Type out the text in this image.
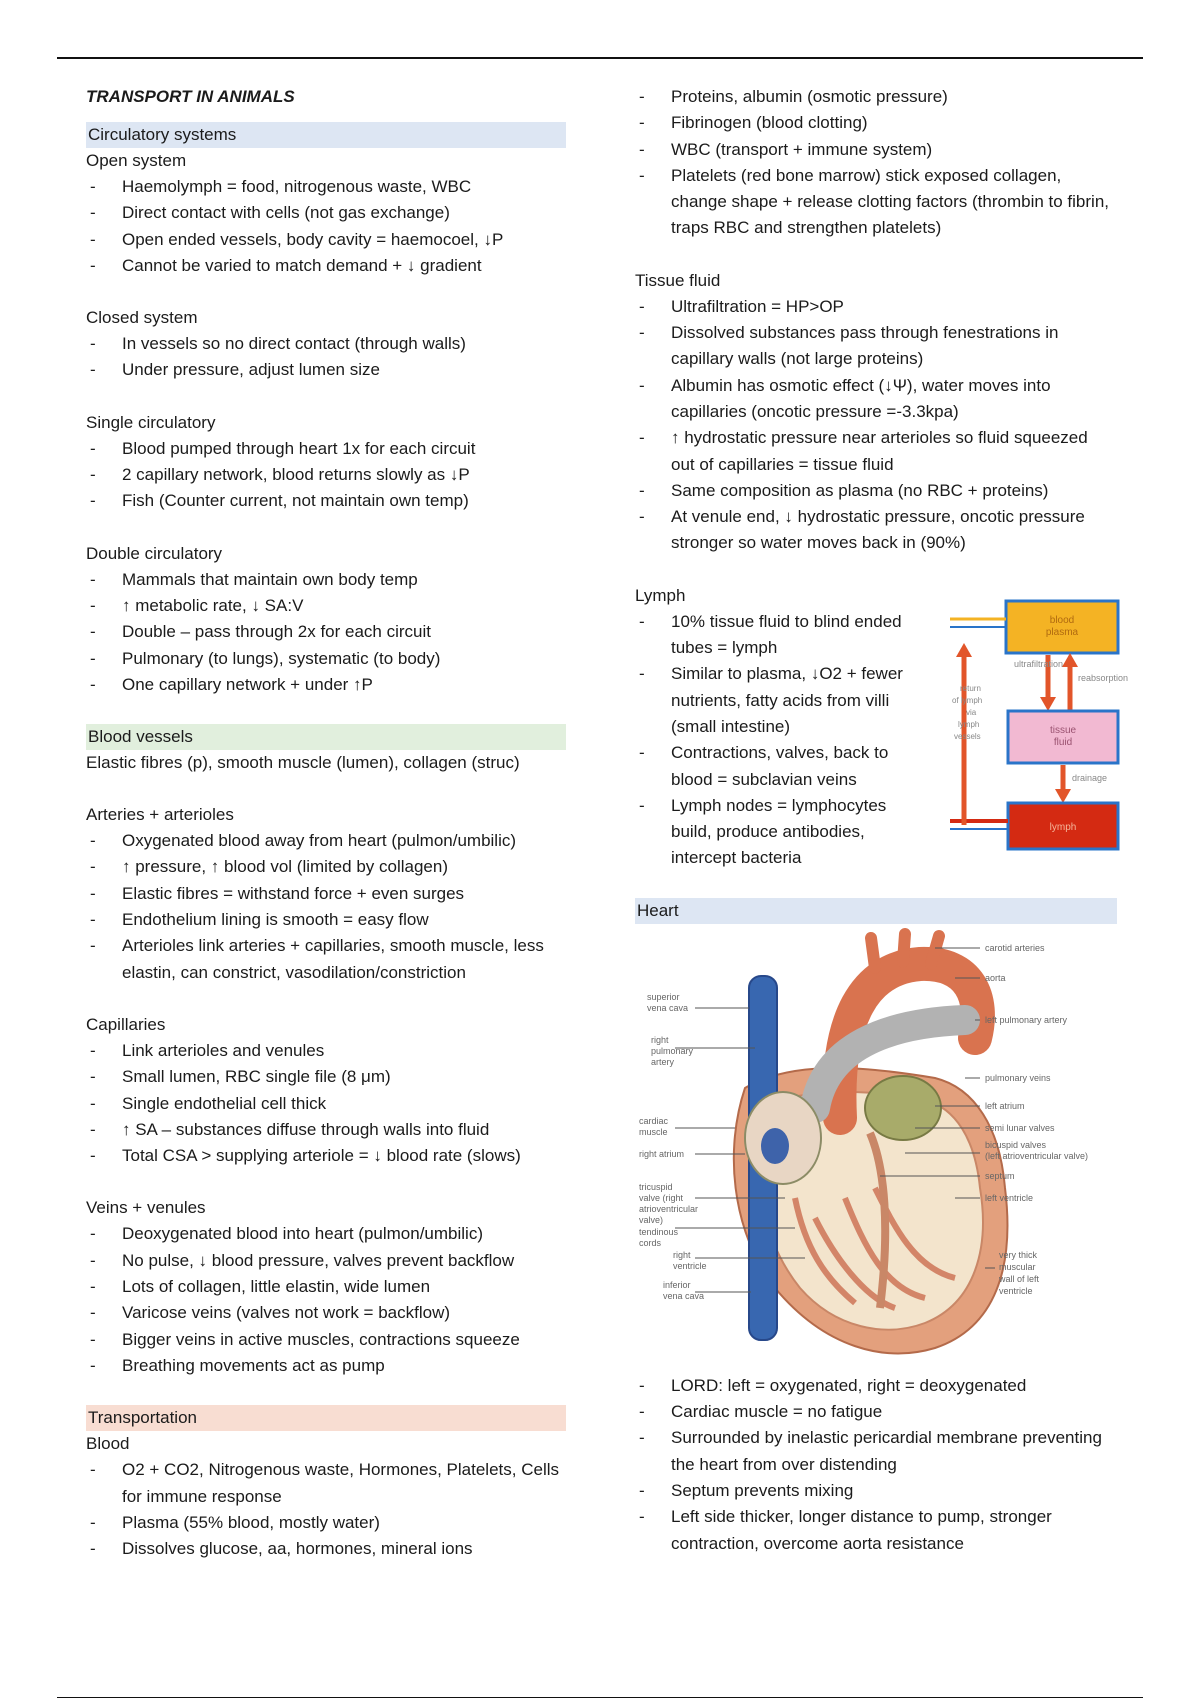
TRANSPORT IN ANIMALS
Circulatory systems
Open system
- Haemolymph = food, nitrogenous waste, WBC
- Direct contact with cells (not gas exchange)
- Open ended vessels, body cavity = haemocoel, ↓P
- Cannot be varied to match demand + ↓ gradient
Closed system
- In vessels so no direct contact (through walls)
- Under pressure, adjust lumen size
Single circulatory
- Blood pumped through heart 1x for each circuit
- 2 capillary network, blood returns slowly as ↓P
- Fish (Counter current, not maintain own temp)
Double circulatory
- Mammals that maintain own body temp
- ↑ metabolic rate, ↓ SA:V
- Double – pass through 2x for each circuit
- Pulmonary (to lungs), systematic (to body)
- One capillary network + under ↑P
Blood vessels
Elastic fibres (p), smooth muscle (lumen), collagen (struc)
Arteries + arterioles
- Oxygenated blood away from heart (pulmon/umbilic)
- ↑ pressure, ↑ blood vol (limited by collagen)
- Elastic fibres = withstand force + even surges
- Endothelium lining is smooth = easy flow
- Arterioles link arteries + capillaries, smooth muscle, less elastin, can constrict, vasodilation/constriction
Capillaries
- Link arterioles and venules
- Small lumen, RBC single file (8 μm)
- Single endothelial cell thick
- ↑ SA – substances diffuse through walls into fluid
- Total CSA > supplying arteriole = ↓ blood rate (slows)
Veins + venules
- Deoxygenated blood into heart (pulmon/umbilic)
- No pulse, ↓ blood pressure, valves prevent backflow
- Lots of collagen, little elastin, wide lumen
- Varicose veins (valves not work = backflow)
- Bigger veins in active muscles, contractions squeeze
- Breathing movements act as pump
Transportation
Blood
- O2 + CO2, Nitrogenous waste, Hormones, Platelets, Cells for immune response
- Plasma (55% blood, mostly water)
- Dissolves glucose, aa, hormones, mineral ions
- Proteins, albumin (osmotic pressure)
- Fibrinogen (blood clotting)
- WBC (transport + immune system)
- Platelets (red bone marrow) stick exposed collagen, change shape + release clotting factors (thrombin to fibrin, traps RBC and strengthen platelets)
Tissue fluid
- Ultrafiltration = HP>OP
- Dissolved substances pass through fenestrations in capillary walls (not large proteins)
- Albumin has osmotic effect (↓Ψ), water moves into capillaries (oncotic pressure =-3.3kpa)
- ↑ hydrostatic pressure near arterioles so fluid squeezed out of capillaries = tissue fluid
- Same composition as plasma (no RBC + proteins)
- At venule end, ↓ hydrostatic pressure, oncotic pressure stronger so water moves back in (90%)
Lymph
- 10% tissue fluid to blind ended tubes = lymph
- Similar to plasma, ↓O2 + fewer nutrients, fatty acids from villi (small intestine)
- Contractions, valves, back to blood = subclavian veins
- Lymph nodes = lymphocytes build, produce antibodies, intercept bacteria
blood
plasma
ultrafiltration
reabsorption
tissue
fluid
drainage
lymph
return
of lymph
via
lymph
vessels
Heart
carotid arteries
aorta
left pulmonary artery
pulmonary veins
left atrium
semi lunar valves
bicuspid valves
(left atrioventricular valve)
septum
left ventricle
very thick
muscular
wall of left
ventricle
superior
vena cava
right
pulmonary
artery
cardiac
muscle
right atrium
tricuspid
valve (right
atrioventricular
valve)
tendinous
cords
right
ventricle
inferior
vena cava
- LORD: left = oxygenated, right = deoxygenated
- Cardiac muscle = no fatigue
- Surrounded by inelastic pericardial membrane preventing the heart from over distending
- Septum prevents mixing
- Left side thicker, longer distance to pump, stronger contraction, overcome aorta resistance
